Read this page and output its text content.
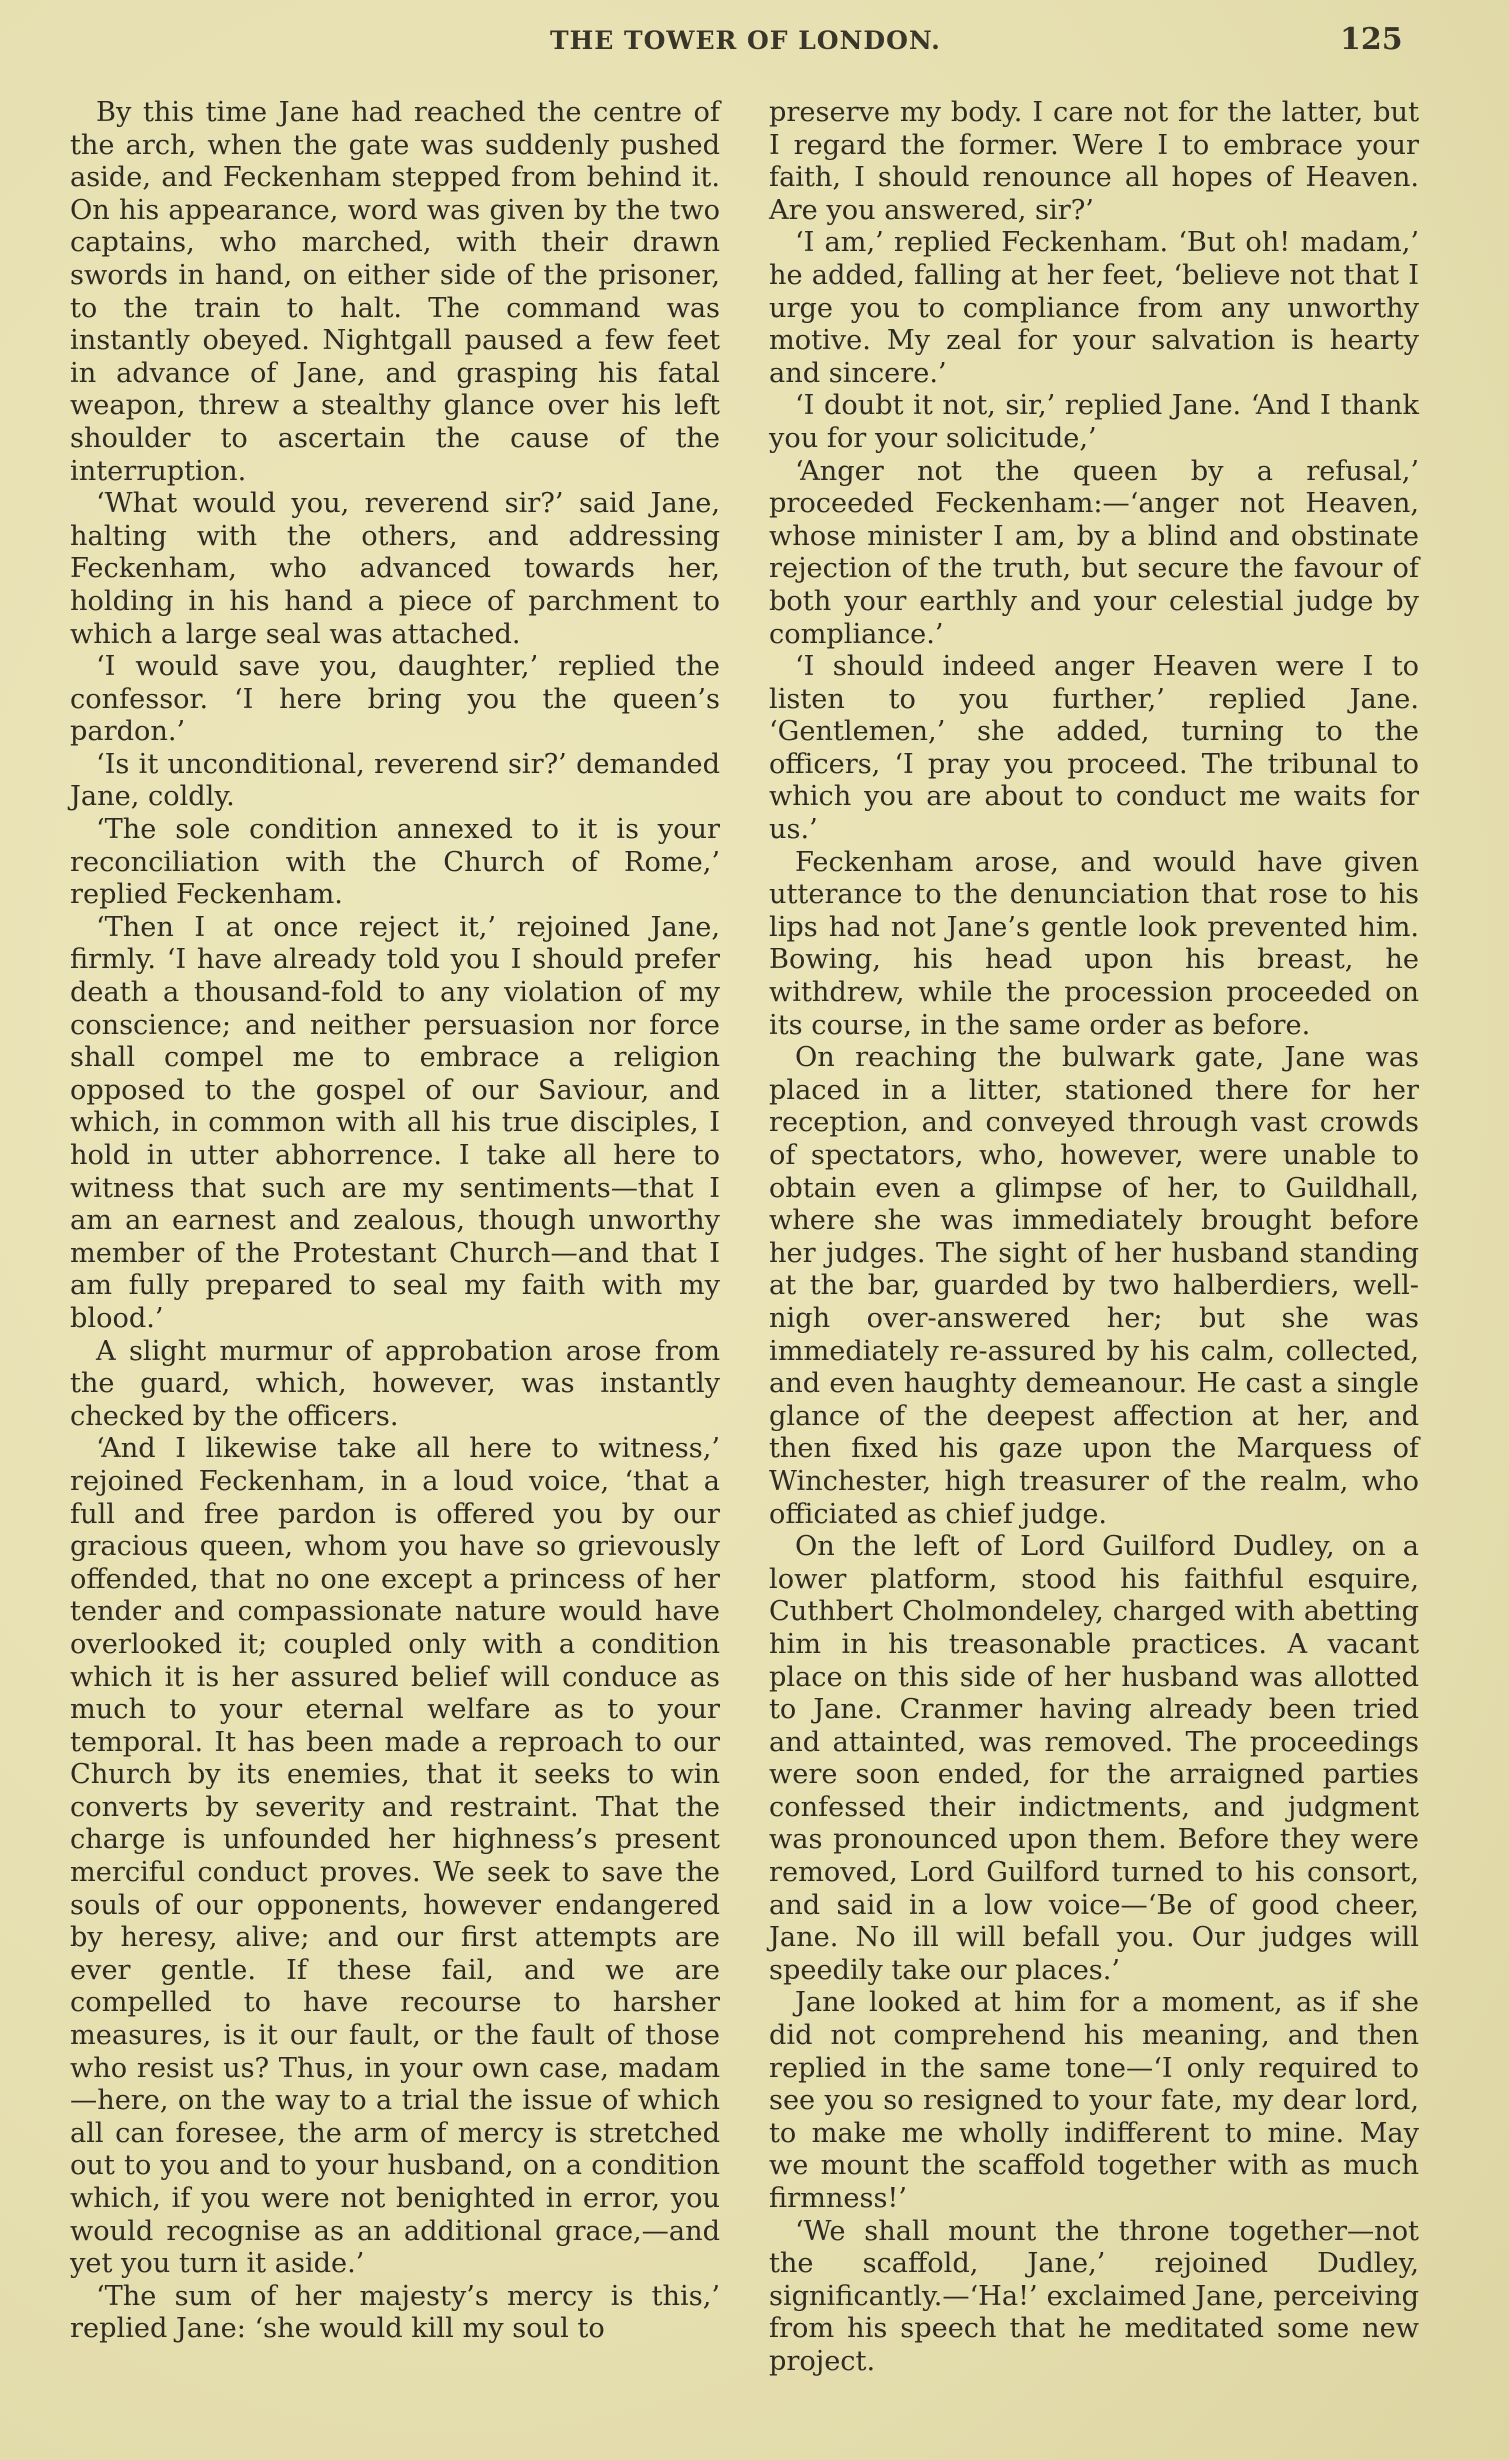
THE TOWER OF LONDON.	125

By this time Jane had reached the centre of the arch, when the gate was suddenly pushed aside, and Feckenham stepped from behind it. On his appearance, word was given by the two captains, who marched, with their drawn swords in hand, on either side of the prisoner, to the train to halt. The command was instantly obeyed. Nightgall paused a few feet in advance of Jane, and grasping his fatal weapon, threw a stealthy glance over his left shoulder to ascertain the cause of the interruption.

‘What would you, reverend sir?’ said Jane, halting with the others, and addressing Feckenham, who advanced towards her, holding in his hand a piece of parchment to which a large seal was attached.

‘I would save you, daughter,’ replied the confessor. ‘I here bring you the queen’s pardon.’

‘Is it unconditional, reverend sir?’ demanded Jane, coldly.

‘The sole condition annexed to it is your reconciliation with the Church of Rome,’ replied Feckenham.

‘Then I at once reject it,’ rejoined Jane, firmly. ‘I have already told you I should prefer death a thousand-fold to any violation of my conscience; and neither persuasion nor force shall compel me to embrace a religion opposed to the gospel of our Saviour, and which, in common with all his true disciples, I hold in utter abhorrence. I take all here to witness that such are my sentiments—that I am an earnest and zealous, though unworthy member of the Protestant Church—and that I am fully prepared to seal my faith with my blood.’

A slight murmur of approbation arose from the guard, which, however, was instantly checked by the officers.

‘And I likewise take all here to witness,’ rejoined Feckenham, in a loud voice, ‘that a full and free pardon is offered you by our gracious queen, whom you have so grievously offended, that no one except a princess of her tender and compassionate nature would have overlooked it; coupled only with a condition which it is her assured belief will conduce as much to your eternal welfare as to your temporal. It has been made a reproach to our Church by its enemies, that it seeks to win converts by severity and restraint. That the charge is unfounded her highness’s present merciful conduct proves. We seek to save the souls of our opponents, however endangered by heresy, alive; and our first attempts are ever gentle. If these fail, and we are compelled to have recourse to harsher measures, is it our fault, or the fault of those who resist us? Thus, in your own case, madam—here, on the way to a trial the issue of which all can foresee, the arm of mercy is stretched out to you and to your husband, on a condition which, if you were not benighted in error, you would recognise as an additional grace,—and yet you turn it aside.’

‘The sum of her majesty’s mercy is this,’ replied Jane: ‘she would kill my soul to

preserve my body. I care not for the latter, but I regard the former. Were I to embrace your faith, I should renounce all hopes of Heaven. Are you answered, sir?’

‘I am,’ replied Feckenham. ‘But oh! madam,’ he added, falling at her feet, ‘believe not that I urge you to compliance from any unworthy motive. My zeal for your salvation is hearty and sincere.’

‘I doubt it not, sir,’ replied Jane. ‘And I thank you for your solicitude,’

‘Anger not the queen by a refusal,’ proceeded Feckenham:—‘anger not Heaven, whose minister I am, by a blind and obstinate rejection of the truth, but secure the favour of both your earthly and your celestial judge by compliance.’

‘I should indeed anger Heaven were I to listen to you further,’ replied Jane. ‘Gentlemen,’ she added, turning to the officers, ‘I pray you proceed. The tribunal to which you are about to conduct me waits for us.’

Feckenham arose, and would have given utterance to the denunciation that rose to his lips had not Jane’s gentle look prevented him. Bowing, his head upon his breast, he withdrew, while the procession proceeded on its course, in the same order as before.

On reaching the bulwark gate, Jane was placed in a litter, stationed there for her reception, and conveyed through vast crowds of spectators, who, however, were unable to obtain even a glimpse of her, to Guildhall, where she was immediately brought before her judges. The sight of her husband standing at the bar, guarded by two halberdiers, well-nigh over-answered her; but she was immediately re-assured by his calm, collected, and even haughty demeanour. He cast a single glance of the deepest affection at her, and then fixed his gaze upon the Marquess of Winchester, high treasurer of the realm, who officiated as chief judge.

On the left of Lord Guilford Dudley, on a lower platform, stood his faithful esquire, Cuthbert Cholmondeley, charged with abetting him in his treasonable practices. A vacant place on this side of her husband was allotted to Jane. Cranmer having already been tried and attainted, was removed. The proceedings were soon ended, for the arraigned parties confessed their indictments, and judgment was pronounced upon them. Before they were removed, Lord Guilford turned to his consort, and said in a low voice—‘Be of good cheer, Jane. No ill will befall you. Our judges will speedily take our places.’

Jane looked at him for a moment, as if she did not comprehend his meaning, and then replied in the same tone—‘I only required to see you so resigned to your fate, my dear lord, to make me wholly indifferent to mine. May we mount the scaffold together with as much firmness!’

‘We shall mount the throne together—not the scaffold, Jane,’ rejoined Dudley, significantly.—‘Ha!’ exclaimed Jane, perceiving from his speech that he meditated some new project.
